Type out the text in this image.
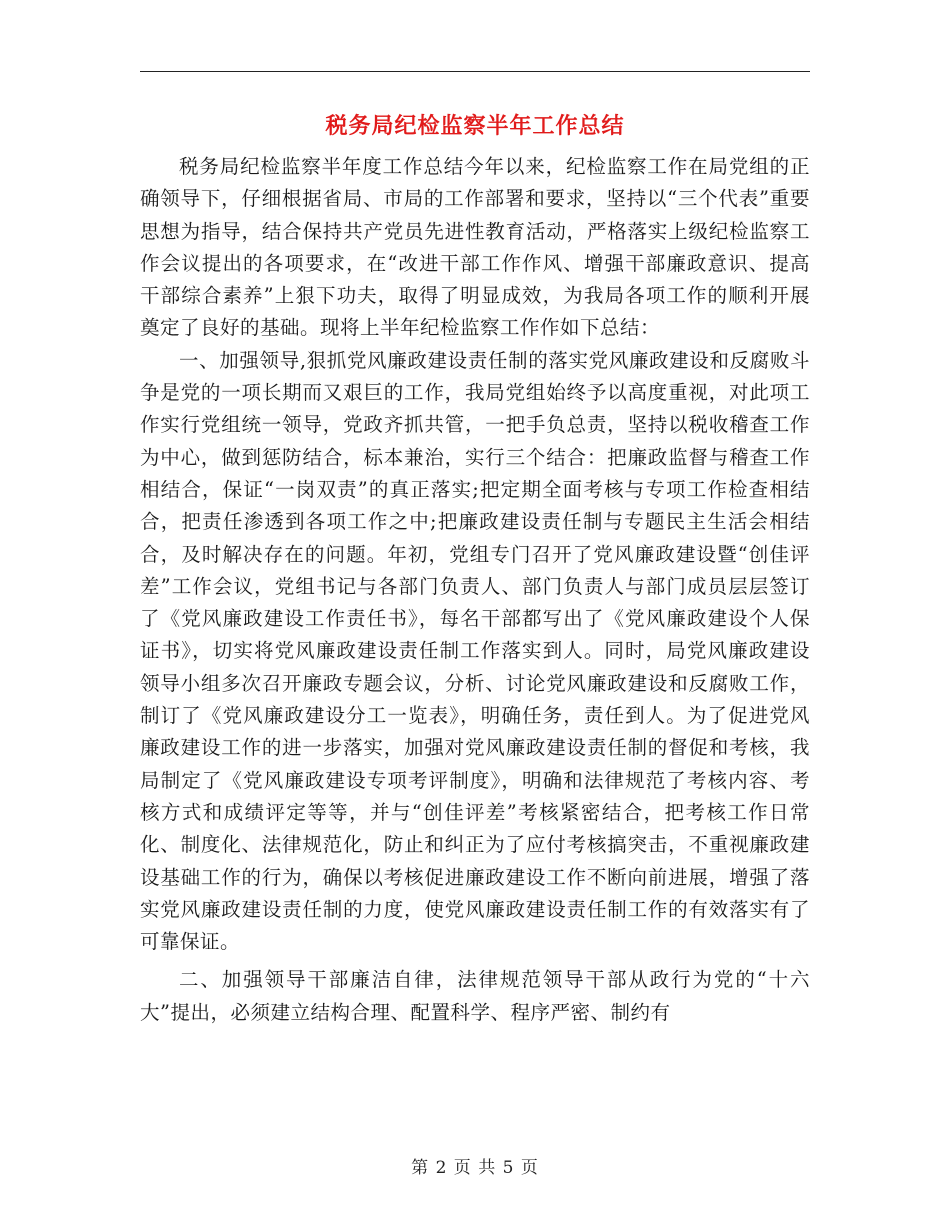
税务局纪检监察半年工作总结

税务局纪检监察半年度工作总结今年以来，纪检监察工作在局党组的正确领导下，仔细根据省局、市局的工作部署和要求，坚持以“三个代表”重要思想为指导，结合保持共产党员先进性教育活动，严格落实上级纪检监察工作会议提出的各项要求，在“改进干部工作作风、增强干部廉政意识、提高干部综合素养”上狠下功夫，取得了明显成效，为我局各项工作的顺利开展奠定了良好的基础。现将上半年纪检监察工作作如下总结：

一、加强领导,狠抓党风廉政建设责任制的落实党风廉政建设和反腐败斗争是党的一项长期而又艰巨的工作，我局党组始终予以高度重视，对此项工作实行党组统一领导，党政齐抓共管，一把手负总责，坚持以税收稽查工作为中心，做到惩防结合，标本兼治，实行三个结合：把廉政监督与稽查工作相结合，保证“一岗双责”的真正落实;把定期全面考核与专项工作检查相结合，把责任渗透到各项工作之中;把廉政建设责任制与专题民主生活会相结合，及时解决存在的问题。年初，党组专门召开了党风廉政建设暨“创佳评差”工作会议，党组书记与各部门负责人、部门负责人与部门成员层层签订了《党风廉政建设工作责任书》，每名干部都写出了《党风廉政建设个人保证书》，切实将党风廉政建设责任制工作落实到人。同时，局党风廉政建设领导小组多次召开廉政专题会议，分析、讨论党风廉政建设和反腐败工作，制订了《党风廉政建设分工一览表》，明确任务，责任到人。为了促进党风廉政建设工作的进一步落实，加强对党风廉政建设责任制的督促和考核，我局制定了《党风廉政建设专项考评制度》，明确和法律规范了考核内容、考核方式和成绩评定等等，并与“创佳评差”考核紧密结合，把考核工作日常化、制度化、法律规范化，防止和纠正为了应付考核搞突击，不重视廉政建设基础工作的行为，确保以考核促进廉政建设工作不断向前进展，增强了落实党风廉政建设责任制的力度，使党风廉政建设责任制工作的有效落实有了可靠保证。

二、加强领导干部廉洁自律，法律规范领导干部从政行为党的“十六大”提出，必须建立结构合理、配置科学、程序严密、制约有

第 2 页 共 5 页
